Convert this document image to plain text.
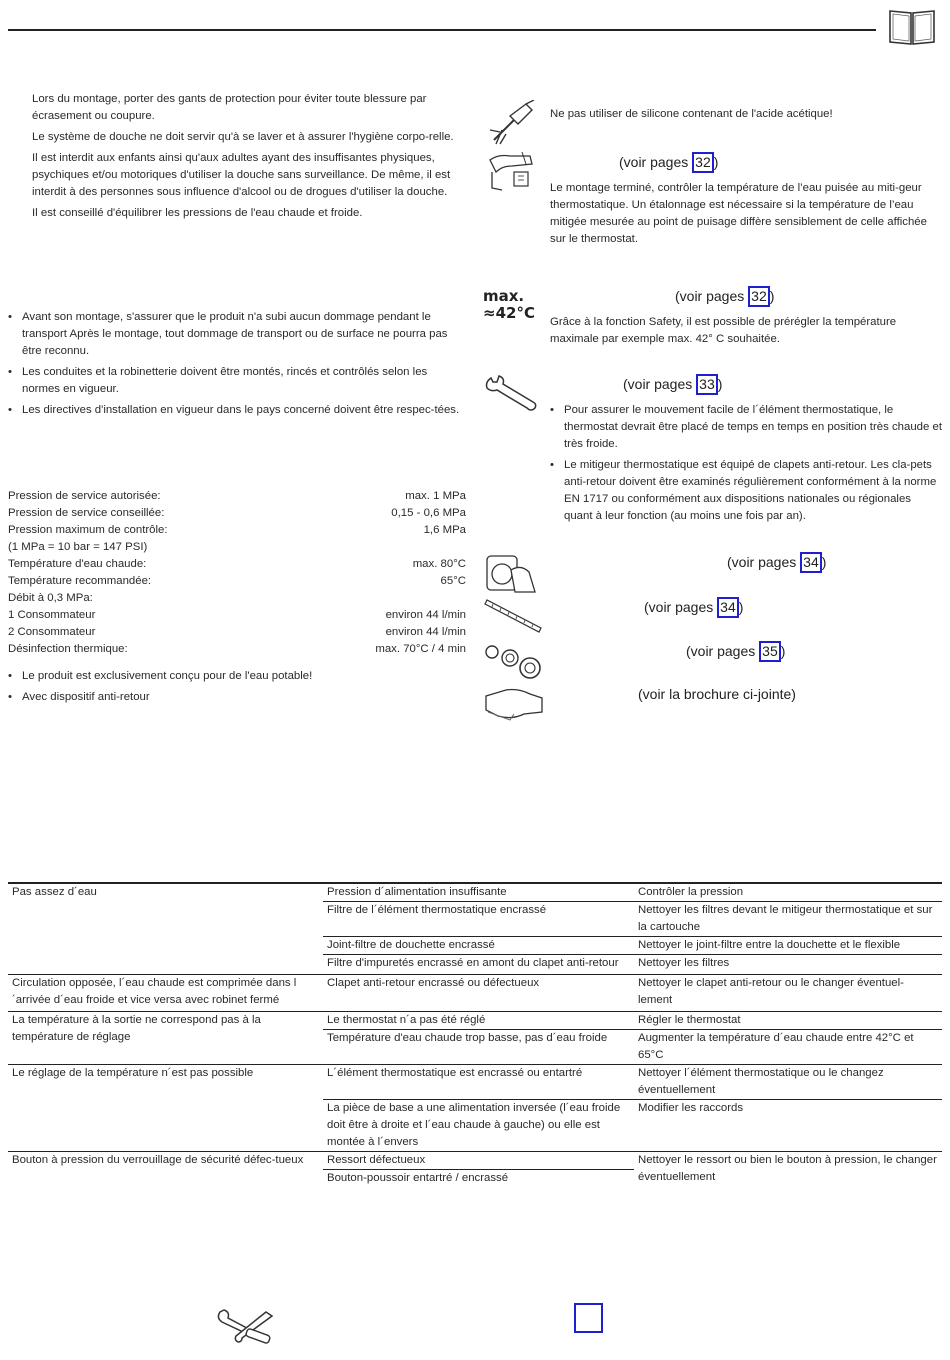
Lors du montage, porter des gants de protection pour éviter toute blessure par écrasement ou coupure.

Le système de douche ne doit servir qu'à se laver et à assurer l'hygiène corpo-relle.

Il est interdit aux enfants ainsi qu'aux adultes ayant des insuffisantes physiques, psychiques et/ou motoriques d'utiliser la douche sans surveillance. De même, il est interdit à des personnes sous influence d'alcool ou de drogues d'utiliser la douche.

Il est conseillé d'équilibrer les pressions de l'eau chaude et froide.

• Avant son montage, s'assurer que le produit n'a subi aucun dommage pendant le transport Après le montage, tout dommage de transport ou de surface ne pourra pas être reconnu.
• Les conduites et la robinetterie doivent être montés, rincés et contrôlés selon les normes en vigueur.
• Les directives d'installation en vigueur dans le pays concerné doivent être respec-tées.
Pression de service autorisée:	max. 1 MPa
Pression de service conseillée:	0,15 - 0,6 MPa
Pression maximum de contrôle:	1,6 MPa
(1 MPa = 10 bar = 147 PSI)
Température d'eau chaude:	max. 80°C
Température recommandée:	65°C
Débit à 0,3 MPa:
1 Consommateur	environ 44 l/min
2 Consommateur	environ 44 l/min
Désinfection thermique:	max. 70°C / 4 min
• Le produit est exclusivement conçu pour de l'eau potable!
• Avec dispositif anti-retour
max.
≈42°C
Ne pas utiliser de silicone contenant de l'acide acétique!
(voir pages 32 )
Le montage terminé, contrôler la température de l’eau puisée au miti-geur thermostatique. Un étalonnage est nécessaire si la température de l’eau mitigée mesurée au point de puisage diffère sensiblement de celle affichée sur le thermostat.
(voir pages 32 )
Grâce à la fonction Safety, il est possible de prérégler la température maximale par exemple max. 42° C souhaitée.
(voir pages 33 )
• Pour assurer le mouvement facile de l´élément thermostatique, le thermostat devrait être placé de temps en temps en position très chaude et très froide.
• Le mitigeur thermostatique est équipé de clapets anti-retour. Les cla-pets anti-retour doivent être examinés régulièrement conformément à la norme EN 1717 ou conformément aux dispositions nationales ou régionales quant à leur fonction (au moins une fois par an).
(voir pages 34 )
(voir pages 34 )
(voir pages 35 )
(voir la brochure ci-jointe)
Pas assez d´eau	Pression d´alimentation insuffisante	Contrôler la pression
	Filtre de l´élément thermostatique encrassé	Nettoyer les filtres devant le mitigeur thermostatique et sur la cartouche
	Joint-filtre de douchette encrassé	Nettoyer le joint-filtre entre la douchette et le flexible
	Filtre d'impuretés encrassé en amont du clapet anti-retour	Nettoyer les filtres
Circulation opposée, l´eau chaude est comprimée dans l´arrivée d´eau froide et vice versa avec robinet fermé	Clapet anti-retour encrassé ou défectueux	Nettoyer le clapet anti-retour ou le changer éventuel-lement
La température à la sortie ne correspond pas à la température de réglage	Le thermostat n´a pas été réglé	Régler le thermostat
	Température d'eau chaude trop basse, pas d´eau froide	Augmenter la température d´eau chaude entre 42°C et 65°C
Le réglage de la température n´est pas possible	L´élément thermostatique est encrassé ou entartré	Nettoyer l´élément thermostatique ou le changez éventuellement
	La pièce de base a une alimentation inversée (l´eau froide doit être à droite et l´eau chaude à gauche) ou elle est montée à l´envers	Modifier les raccords
Bouton à pression du verrouillage de sécurité défec-tueux	Ressort défectueux	Nettoyer le ressort ou bien le bouton à pression, le changer éventuellement
	Bouton-poussoir entartré / encrassé	
